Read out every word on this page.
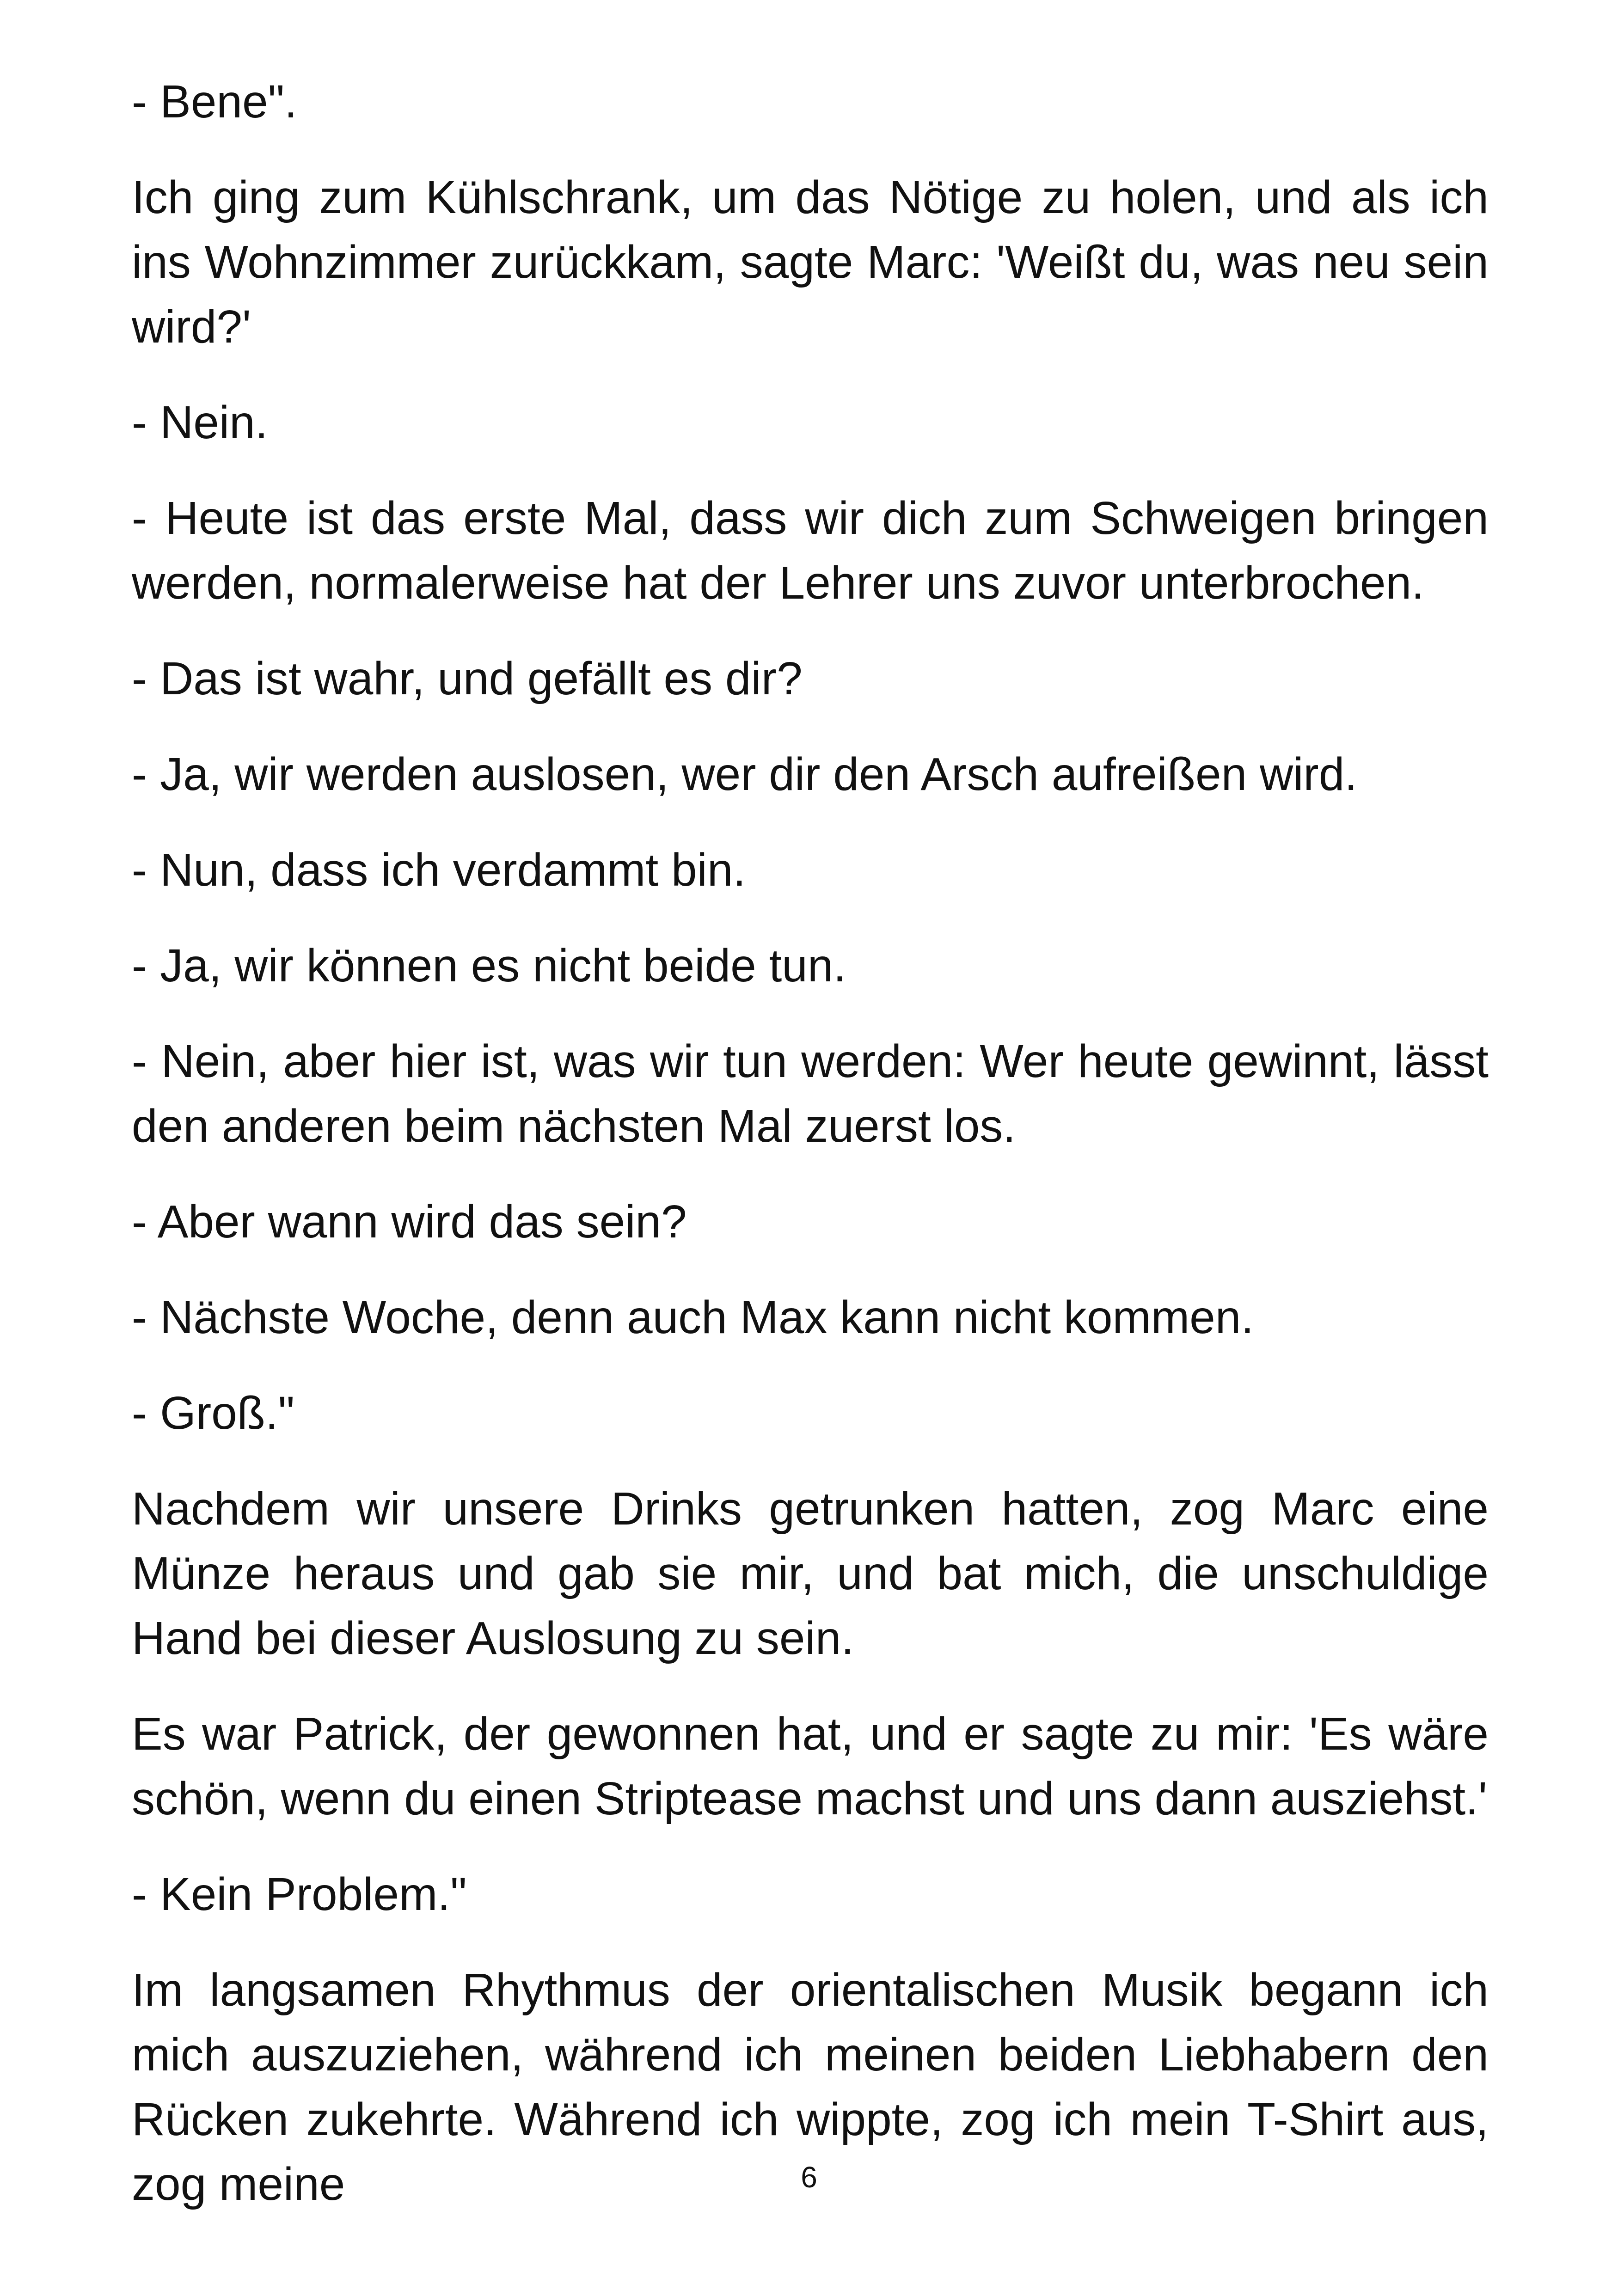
- Bene".

Ich ging zum Kühlschrank, um das Nötige zu holen, und als ich ins Wohnzimmer zurückkam, sagte Marc: 'Weißt du, was neu sein wird?'

- Nein.

- Heute ist das erste Mal, dass wir dich zum Schweigen bringen werden, normalerweise hat der Lehrer uns zuvor unterbrochen.

- Das ist wahr, und gefällt es dir?

- Ja, wir werden auslosen, wer dir den Arsch aufreißen wird.

- Nun, dass ich verdammt bin.

- Ja, wir können es nicht beide tun.

- Nein, aber hier ist, was wir tun werden: Wer heute gewinnt, lässt den anderen beim nächsten Mal zuerst los.

- Aber wann wird das sein?

- Nächste Woche, denn auch Max kann nicht kommen.

- Groß."

Nachdem wir unsere Drinks getrunken hatten, zog Marc eine Münze heraus und gab sie mir, und bat mich, die unschuldige Hand bei dieser Auslosung zu sein.

Es war Patrick, der gewonnen hat, und er sagte zu mir: 'Es wäre schön, wenn du einen Striptease machst und uns dann ausziehst.'

- Kein Problem."

Im langsamen Rhythmus der orientalischen Musik begann ich mich auszuziehen, während ich meinen beiden Liebhabern den Rücken zukehrte. Während ich wippte, zog ich mein T-Shirt aus, zog meine	6
